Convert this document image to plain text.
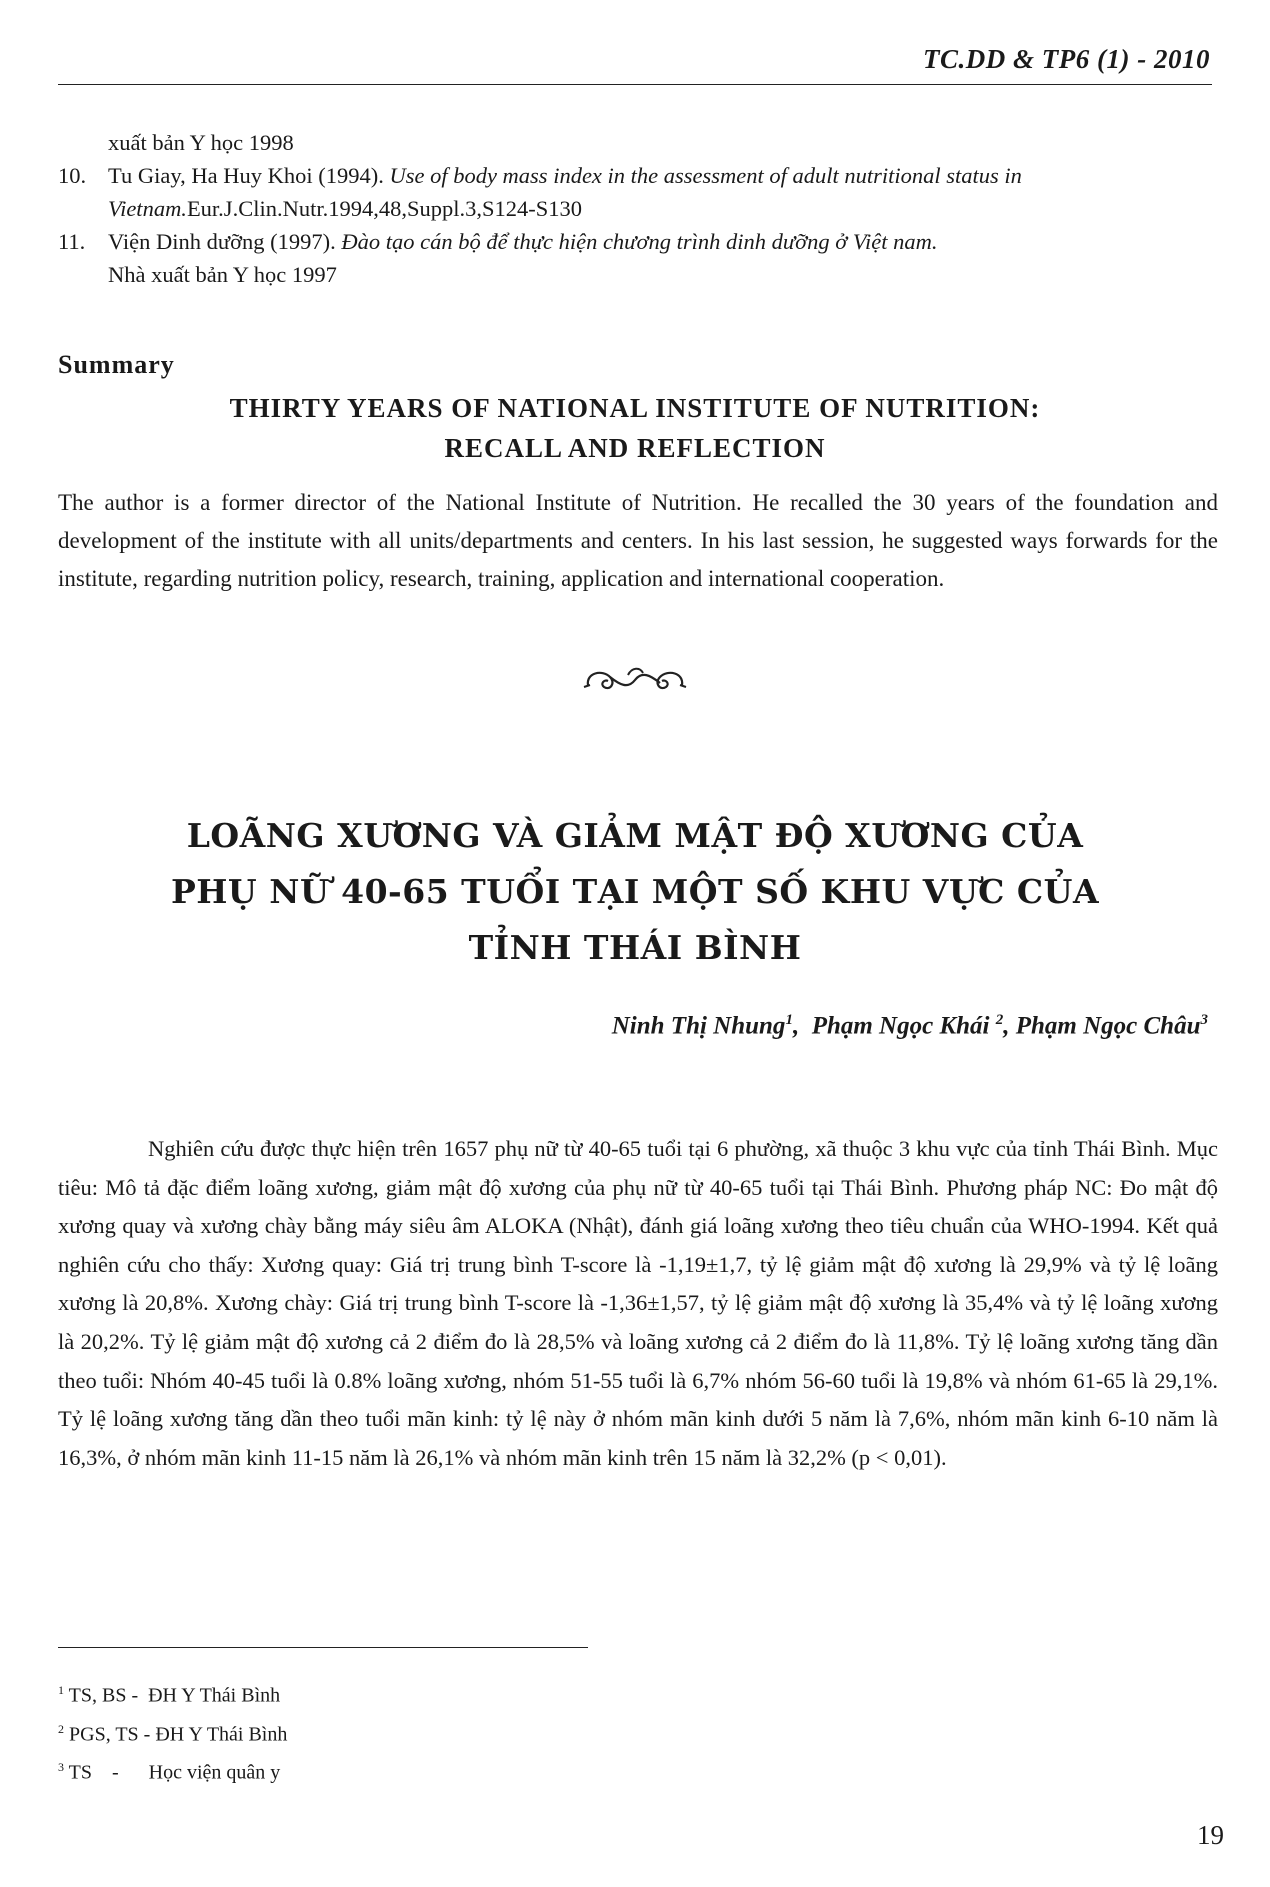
TC.DD & TP6 (1) - 2010
xuất bản Y học 1998
10. Tu Giay, Ha Huy Khoi (1994). Use of body mass index in the assessment of adult nutritional status in Vietnam.Eur.J.Clin.Nutr.1994,48,Suppl.3,S124-S130
11. Viện Dinh dưỡng (1997). Đào tạo cán bộ để thực hiện chương trình dinh dưỡng ở Việt nam.
Nhà xuất bản Y học 1997
Summary
THIRTY YEARS OF NATIONAL INSTITUTE OF NUTRITION:
RECALL AND REFLECTION
The author is a former director of the National Institute of Nutrition. He recalled the 30 years of the foundation and development of the institute with all units/departments and centers. In his last session, he suggested ways forwards for the institute, regarding nutrition policy, research, training, application and international cooperation.
LOÃNG XƯƠNG VÀ GIẢM MẬT ĐỘ XƯƠNG CỦA
PHỤ NỮ 40-65 TUỔI TẠI MỘT SỐ KHU VỰC CỦA
TỈNH THÁI BÌNH
Ninh Thị Nhung$^1$,  Phạm Ngọc Khái $^2$, Phạm Ngọc Châu$^3$
Nghiên cứu được thực hiện trên 1657 phụ nữ từ 40-65 tuổi tại 6 phường, xã thuộc 3 khu vực của tỉnh Thái Bình. Mục tiêu: Mô tả đặc điểm loãng xương, giảm mật độ xương của phụ nữ từ 40-65 tuổi tại Thái Bình. Phương pháp NC: Đo mật độ xương quay và xương chày bằng máy siêu âm ALOKA (Nhật), đánh giá loãng xương theo tiêu chuẩn của WHO-1994. Kết quả nghiên cứu cho thấy: Xương quay: Giá trị trung bình T-score là -1,19±1,7, tỷ lệ giảm mật độ xương là 29,9% và tỷ lệ loãng xương là 20,8%. Xương chày: Giá trị trung bình T-score là -1,36±1,57, tỷ lệ giảm mật độ xương là 35,4% và tỷ lệ loãng xương là 20,2%. Tỷ lệ giảm mật độ xương cả 2 điểm đo là 28,5% và loãng xương cả 2 điểm đo là 11,8%. Tỷ lệ loãng xương tăng dần theo tuổi: Nhóm 40-45 tuổi là 0.8% loãng xương, nhóm 51-55 tuổi là 6,7% nhóm 56-60 tuổi là 19,8% và nhóm 61-65 là 29,1%. Tỷ lệ loãng xương tăng dần theo tuổi mãn kinh: tỷ lệ này ở nhóm mãn kinh dưới 5 năm là 7,6%, nhóm mãn kinh 6-10 năm là 16,3%, ở nhóm mãn kinh 11-15 năm là 26,1% và nhóm mãn kinh trên 15 năm là 32,2% (p < 0,01).
$^1$ TS, BS -  ĐH Y Thái Bình
$^2$ PGS, TS - ĐH Y Thái Bình
$^3$ TS    -      Học viện quân y
19
